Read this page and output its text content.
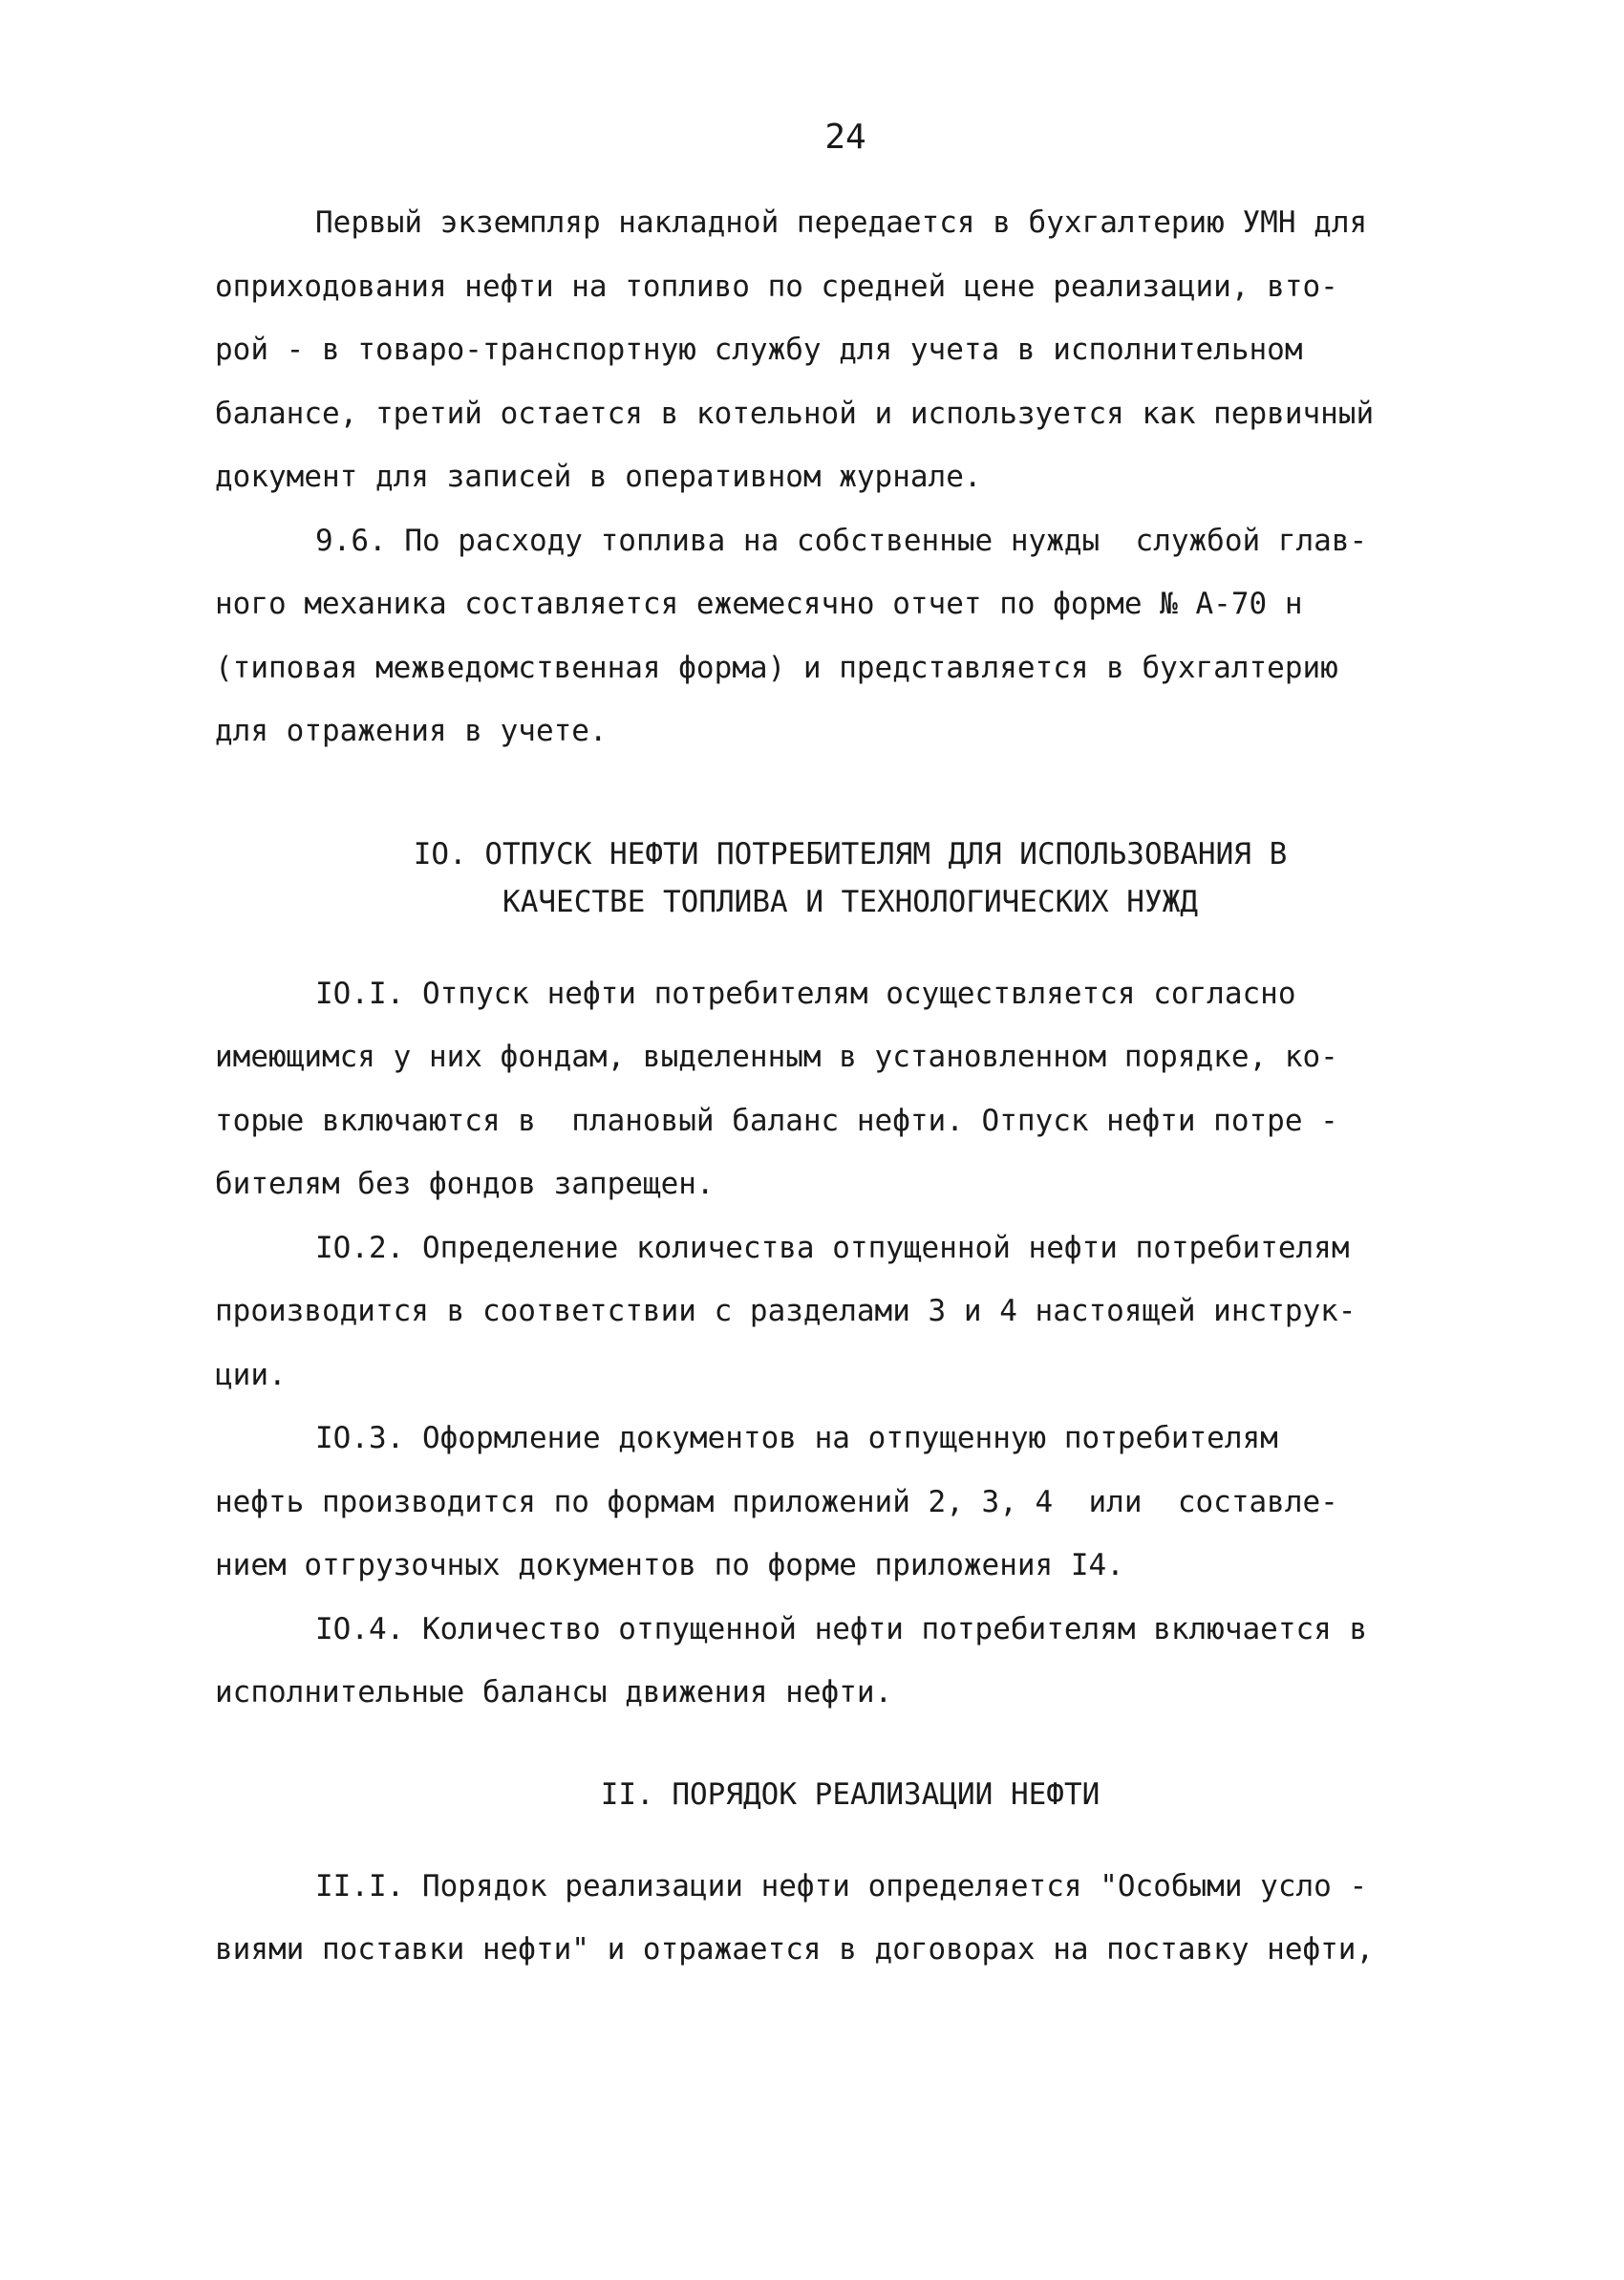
24

Первый экземпляр накладной передается в бухгалтерию УМН для
оприходования нефти на топливо по средней цене реализации, вто-
рой - в товаро-транспортную службу для учета в исполнительном
балансе, третий остается в котельной и используется как первичный
документ для записей в оперативном журнале.

9.6. По расходу топлива на собственные нужды  службой глав-
ного механика составляется ежемесячно отчет по форме № А-70 н
(типовая межведомственная форма) и представляется в бухгалтерию
для отражения в учете.

IO. ОТПУСК НЕФТИ ПОТРЕБИТЕЛЯМ ДЛЯ ИСПОЛЬЗОВАНИЯ В
КАЧЕСТВЕ ТОПЛИВА И ТЕХНОЛОГИЧЕСКИХ НУЖД

IO.I. Отпуск нефти потребителям осуществляется согласно
имеющимся у них фондам, выделенным в установленном порядке, ко-
торые включаются в  плановый баланс нефти. Отпуск нефти потре -
бителям без фондов запрещен.

IO.2. Определение количества отпущенной нефти потребителям
производится в соответствии с разделами 3 и 4 настоящей инструк-
ции.

IO.3. Оформление документов на отпущенную потребителям
нефть производится по формам приложений 2, 3, 4  или  составле-
нием отгрузочных документов по форме приложения I4.

IO.4. Количество отпущенной нефти потребителям включается в
исполнительные балансы движения нефти.

II. ПОРЯДОК РЕАЛИЗАЦИИ НЕФТИ

II.I. Порядок реализации нефти определяется "Особыми усло -
виями поставки нефти" и отражается в договорах на поставку нефти,
